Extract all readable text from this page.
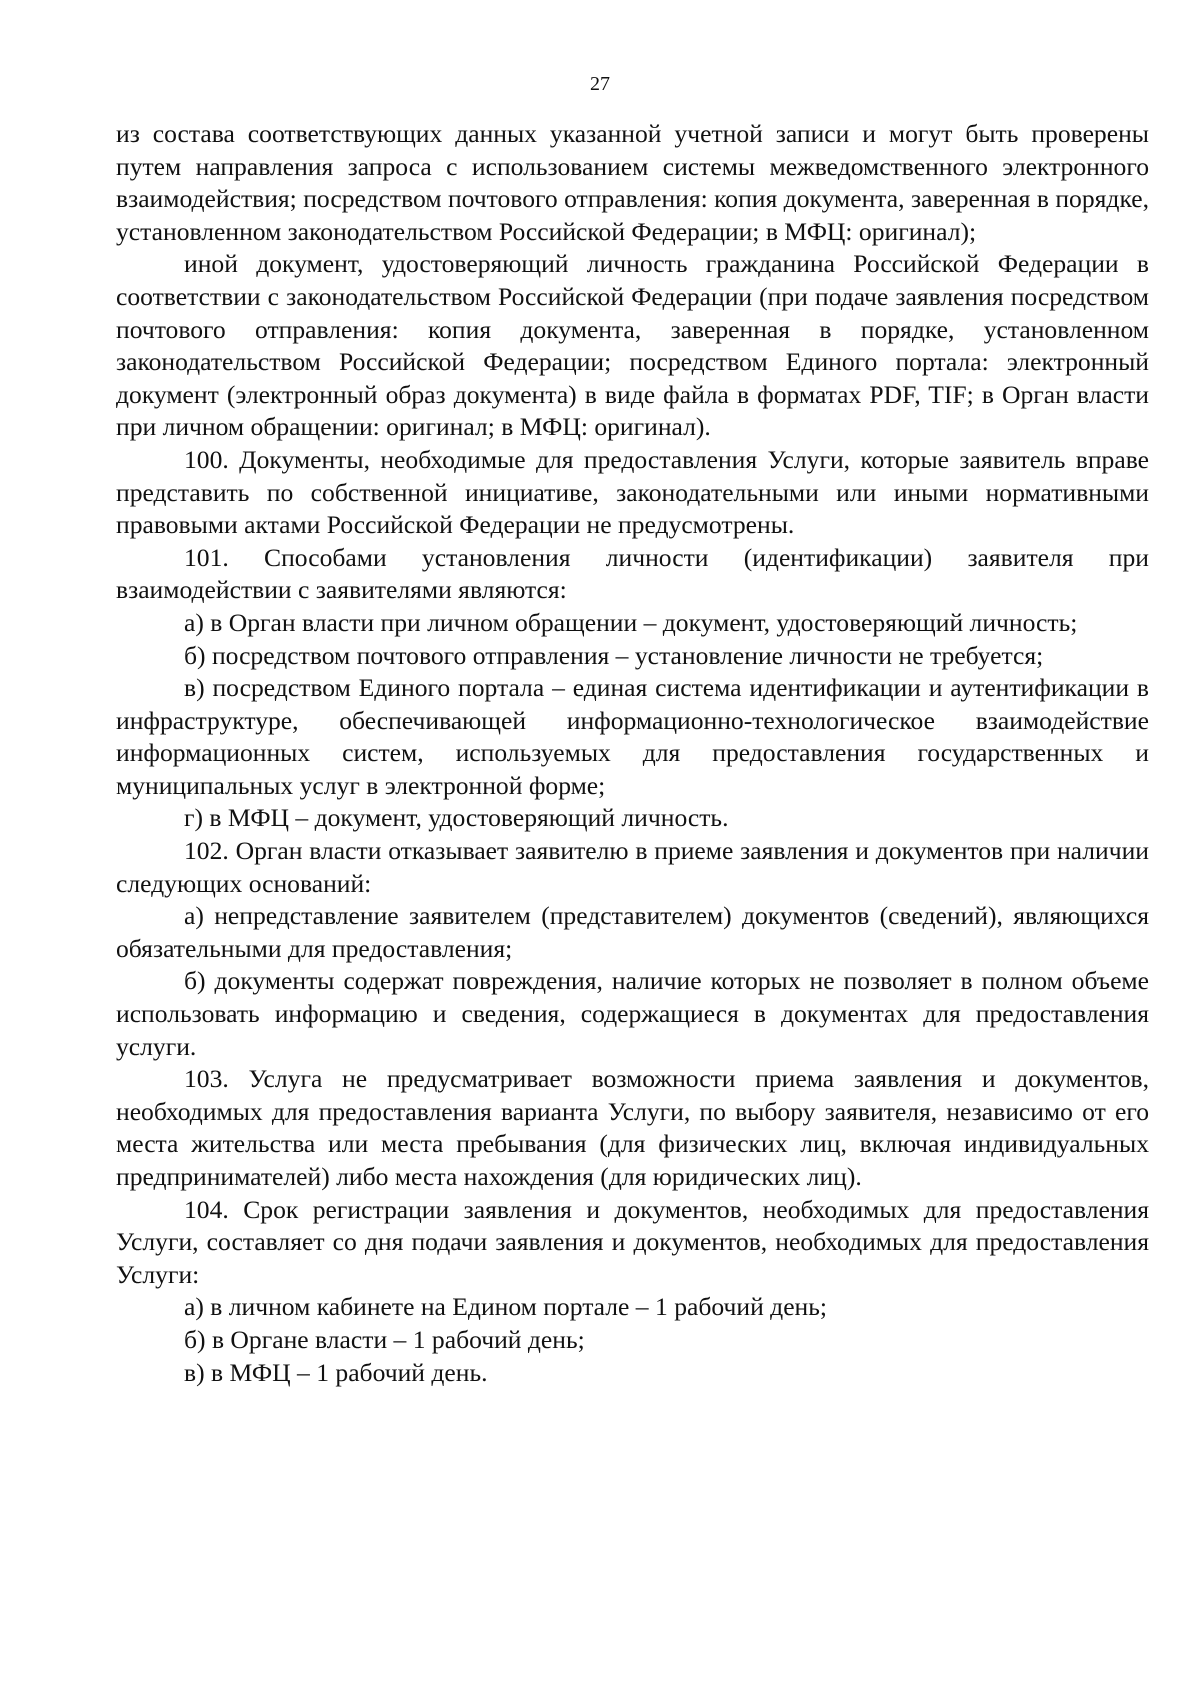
27

из состава соответствующих данных указанной учетной записи и могут быть проверены путем направления запроса с использованием системы межведомственного электронного взаимодействия; посредством почтового отправления: копия документа, заверенная в порядке, установленном законодательством Российской Федерации; в МФЦ: оригинал);

иной документ, удостоверяющий личность гражданина Российской Федерации в соответствии с законодательством Российской Федерации (при подаче заявления посредством почтового отправления: копия документа, заверенная в порядке, установленном законодательством Российской Федерации; посредством Единого портала: электронный документ (электронный образ документа) в виде файла в форматах PDF, TIF; в Орган власти при личном обращении: оригинал; в МФЦ: оригинал).

100. Документы, необходимые для предоставления Услуги, которые заявитель вправе представить по собственной инициативе, законодательными или иными нормативными правовыми актами Российской Федерации не предусмотрены.

101. Способами установления личности (идентификации) заявителя при взаимодействии с заявителями являются:

а) в Орган власти при личном обращении – документ, удостоверяющий личность;

б) посредством почтового отправления – установление личности не требуется;

в) посредством Единого портала – единая система идентификации и аутентификации в инфраструктуре, обеспечивающей информационно-технологическое взаимодействие информационных систем, используемых для предоставления государственных и муниципальных услуг в электронной форме;

г) в МФЦ – документ, удостоверяющий личность.

102. Орган власти отказывает заявителю в приеме заявления и документов при наличии следующих оснований:

а) непредставление заявителем (представителем) документов (сведений), являющихся обязательными для предоставления;

б) документы содержат повреждения, наличие которых не позволяет в полном объеме использовать информацию и сведения, содержащиеся в документах для предоставления услуги.

103. Услуга не предусматривает возможности приема заявления и документов, необходимых для предоставления варианта Услуги, по выбору заявителя, независимо от его места жительства или места пребывания (для физических лиц, включая индивидуальных предпринимателей) либо места нахождения (для юридических лиц).

104. Срок регистрации заявления и документов, необходимых для предоставления Услуги, составляет со дня подачи заявления и документов, необходимых для предоставления Услуги:

а) в личном кабинете на Едином портале – 1 рабочий день;

б) в Органе власти – 1 рабочий день;

в) в МФЦ – 1 рабочий день.
